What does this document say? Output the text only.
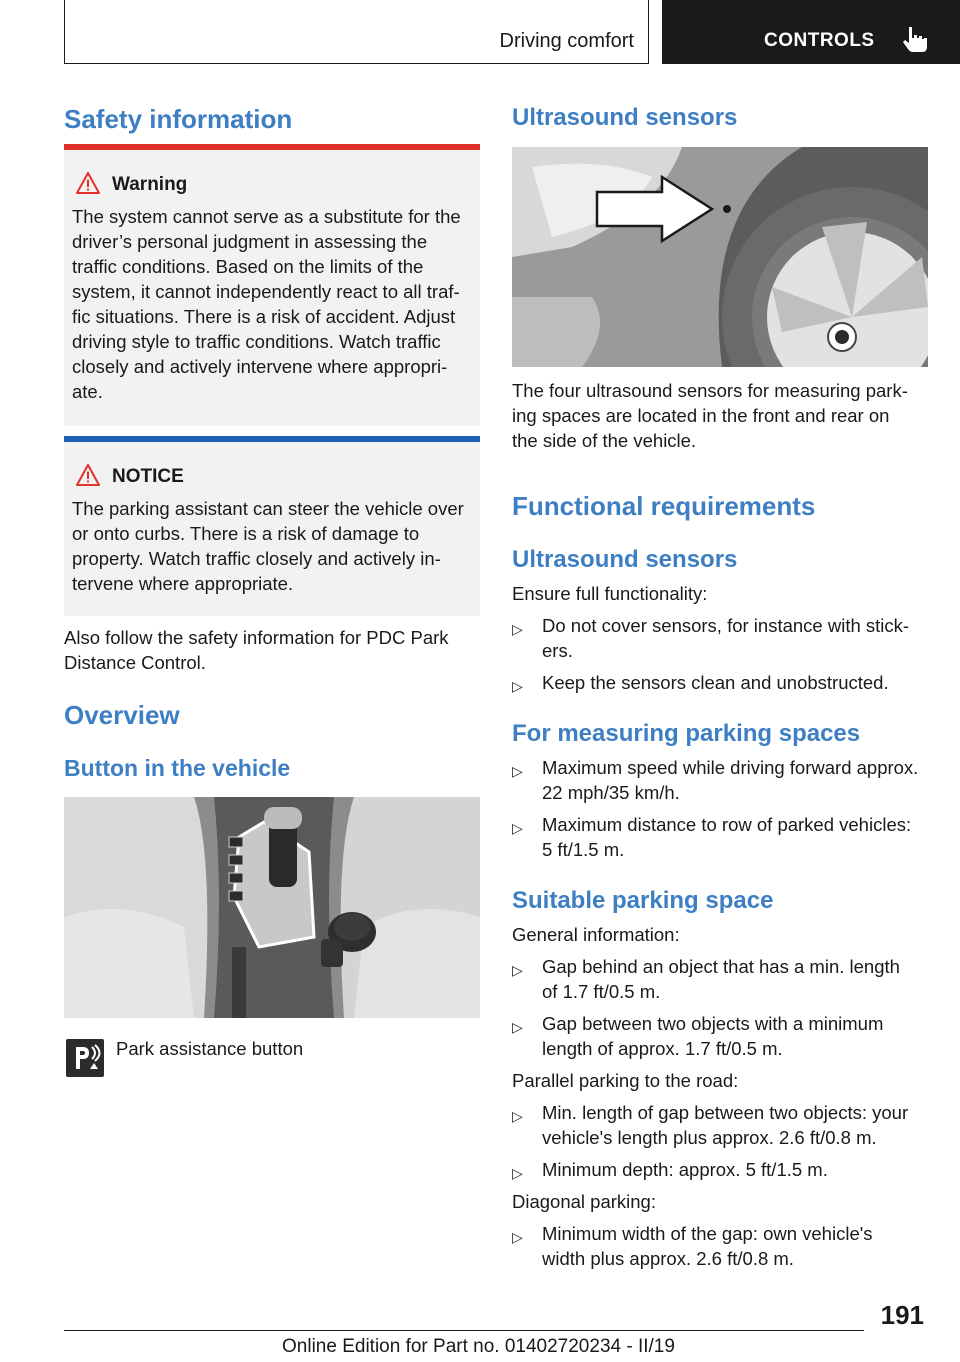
Driving comfort	CONTROLS
Safety information
Warning
The system cannot serve as a substitute for the
driver’s personal judgment in assessing the
traffic conditions. Based on the limits of the
system, it cannot independently react to all traf‐
fic situations. There is a risk of accident. Adjust
driving style to traffic conditions. Watch traffic
closely and actively intervene where appropri‐
ate.
NOTICE
The parking assistant can steer the vehicle over
or onto curbs. There is a risk of damage to
property. Watch traffic closely and actively in‐
tervene where appropriate.
Also follow the safety information for PDC Park
Distance Control.
Overview
Button in the vehicle
Park assistance button
Ultrasound sensors
The four ultrasound sensors for measuring park‐
ing spaces are located in the front and rear on
the side of the vehicle.
Functional requirements
Ultrasound sensors
Ensure full functionality:
▷ Do not cover sensors, for instance with stick‐
ers.
▷ Keep the sensors clean and unobstructed.
For measuring parking spaces
▷ Maximum speed while driving forward approx.
22 mph/35 km/h.
▷ Maximum distance to row of parked vehicles:
5 ft/1.5 m.
Suitable parking space
General information:
▷ Gap behind an object that has a min. length
of 1.7 ft/0.5 m.
▷ Gap between two objects with a minimum
length of approx. 1.7 ft/0.5 m.
Parallel parking to the road:
▷ Min. length of gap between two objects: your
vehicle's length plus approx. 2.6 ft/0.8 m.
▷ Minimum depth: approx. 5 ft/1.5 m.
Diagonal parking:
▷ Minimum width of the gap: own vehicle's
width plus approx. 2.6 ft/0.8 m.
191
Online Edition for Part no. 01402720234 - II/19
